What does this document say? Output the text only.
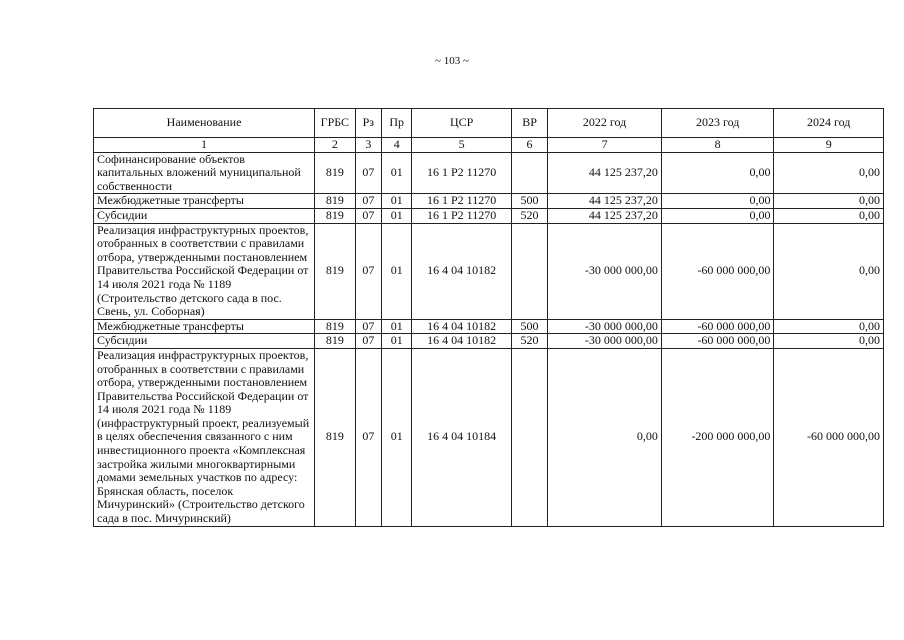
~ 103 ~
Наименование	ГРБС	Рз	Пр	ЦСР	ВР	2022 год	2023 год	2024 год
1	2	3	4	5	6	7	8	9
Софинансирование объектов капитальных вложений муниципальной собственности	819	07	01	16 1 P2 11270		44 125 237,20	0,00	0,00
Межбюджетные трансферты	819	07	01	16 1 P2 11270	500	44 125 237,20	0,00	0,00
Субсидии	819	07	01	16 1 P2 11270	520	44 125 237,20	0,00	0,00
Реализация инфраструктурных проектов, отобранных в соответствии с правилами отбора, утвержденными постановлением Правительства Российской Федерации от 14 июля 2021 года № 1189 (Строительство детского сада в пос. Свень, ул. Соборная)	819	07	01	16 4 04 10182		-30 000 000,00	-60 000 000,00	0,00
Межбюджетные трансферты	819	07	01	16 4 04 10182	500	-30 000 000,00	-60 000 000,00	0,00
Субсидии	819	07	01	16 4 04 10182	520	-30 000 000,00	-60 000 000,00	0,00
Реализация инфраструктурных проектов, отобранных в соответствии с правилами отбора, утвержденными постановлением Правительства Российской Федерации от 14 июля 2021 года № 1189 (инфраструктурный проект, реализуемый в целях обеспечения связанного с ним инвестиционного проекта «Комплексная застройка жилыми многоквартирными домами земельных участков по адресу: Брянская область, поселок Мичуринский» (Строительство детского сада в пос. Мичуринский)	819	07	01	16 4 04 10184		0,00	-200 000 000,00	-60 000 000,00
